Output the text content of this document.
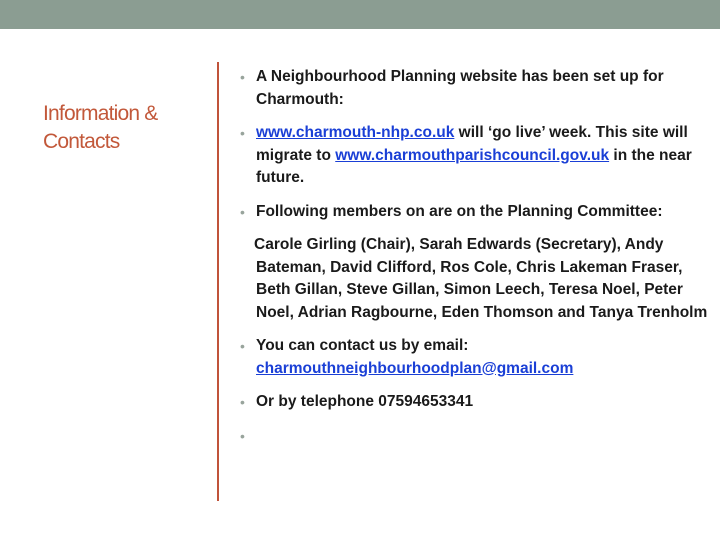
Information &
Contacts
• A Neighbourhood Planning website has been set up for Charmouth:
• www.charmouth-nhp.co.uk will ‘go live’ week. This site will migrate to www.charmouthparishcouncil.gov.uk in the near future.
• Following members on are on the Planning Committee:
Carole Girling (Chair), Sarah Edwards (Secretary), Andy Bateman, David Clifford, Ros Cole, Chris Lakeman Fraser, Beth Gillan, Steve Gillan, Simon Leech, Teresa Noel, Peter Noel, Adrian Ragbourne, Eden Thomson and Tanya Trenholm
• You can contact us by email:
charmouthneighbourhoodplan@gmail.com
• Or by telephone 07594653341
•
